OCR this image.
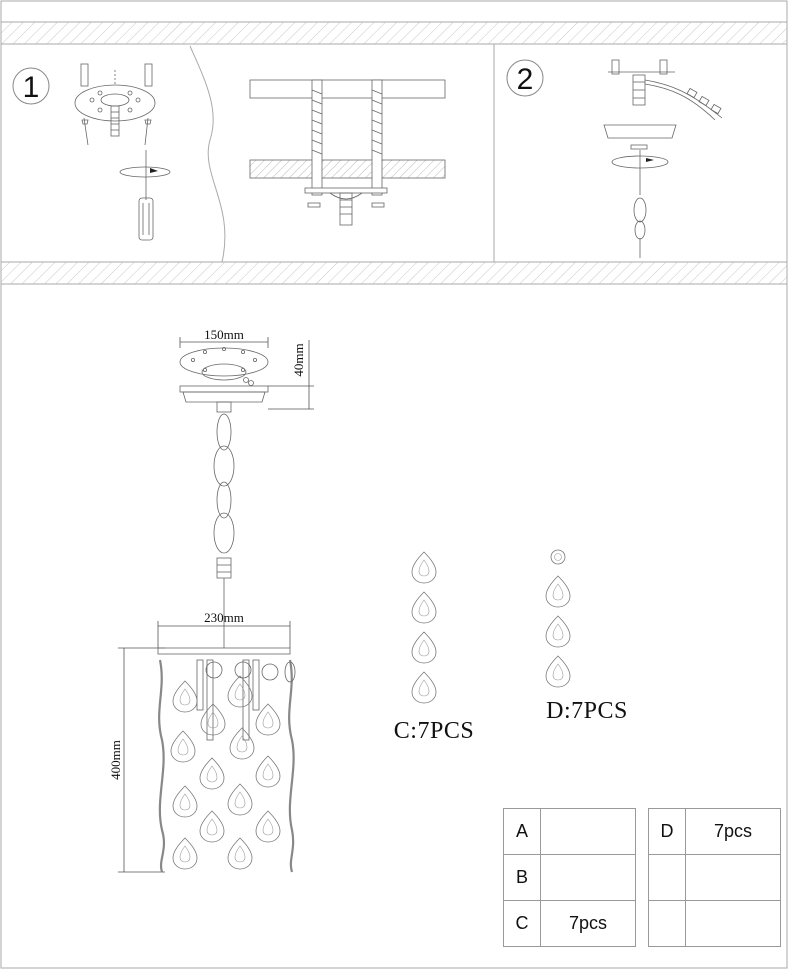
1	2
150mm
40mm
230mm
400mm
C:7PCS
D:7PCS
A	
B	
C	7pcs
D	7pcs
